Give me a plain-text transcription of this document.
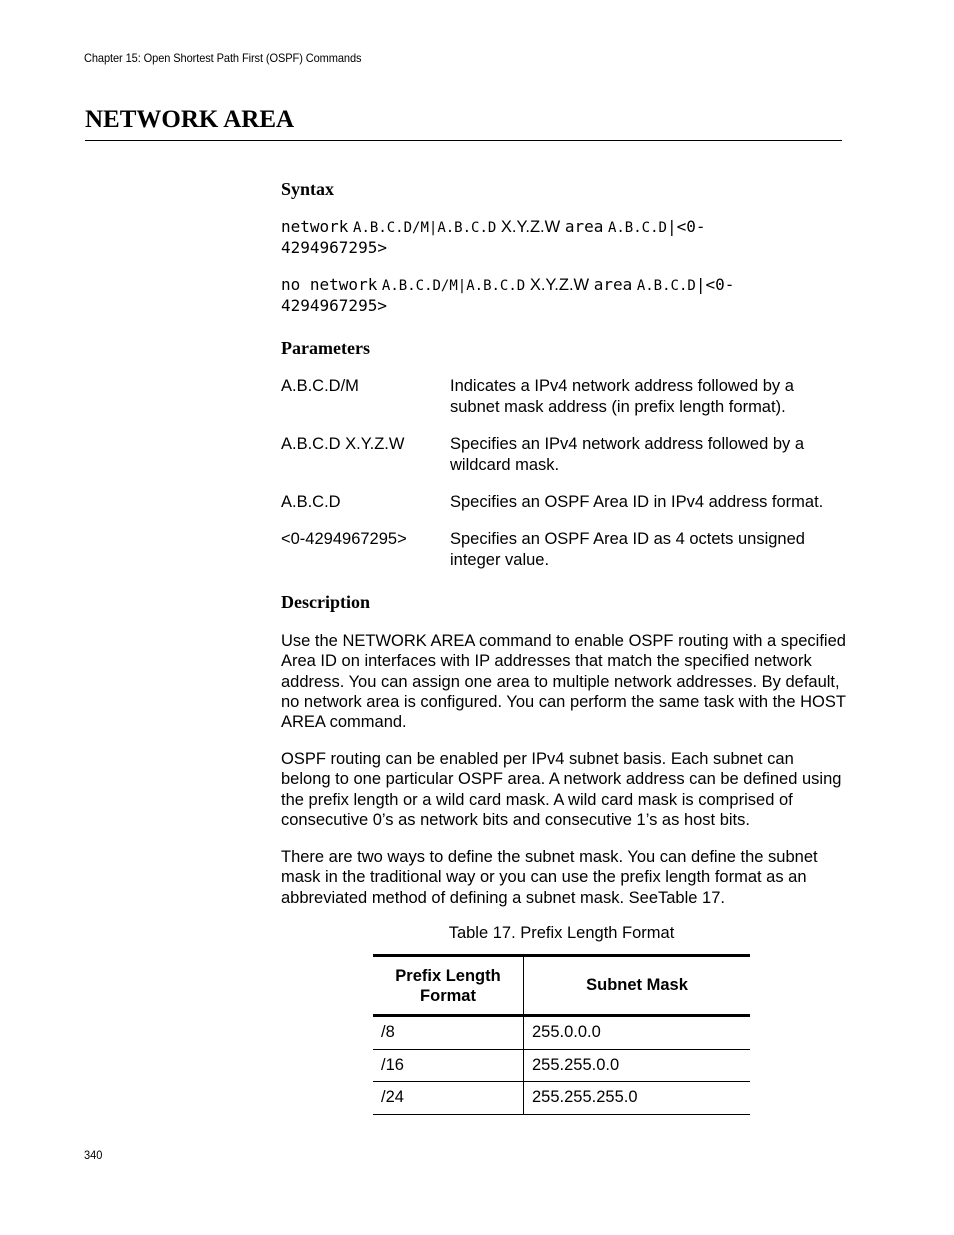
Chapter 15: Open Shortest Path First (OSPF) Commands
NETWORK AREA
Syntax
network A.B.C.D/M|A.B.C.D X.Y.Z.W area A.B.C.D|<0-
4294967295>
no network A.B.C.D/M|A.B.C.D X.Y.Z.W area A.B.C.D|<0-
4294967295>
Parameters
A.B.C.D/M	Indicates a IPv4 network address followed by a subnet mask address (in prefix length format).
A.B.C.D X.Y.Z.W	Specifies an IPv4 network address followed by a wildcard mask.
A.B.C.D	Specifies an OSPF Area ID in IPv4 address format.
<0-4294967295>	Specifies an OSPF Area ID as 4 octets unsigned integer value.
Description

Use the NETWORK AREA command to enable OSPF routing with a specified Area ID on interfaces with IP addresses that match the specified network address. You can assign one area to multiple network addresses. By default, no network area is configured. You can perform the same task with the HOST AREA command.

OSPF routing can be enabled per IPv4 subnet basis. Each subnet can belong to one particular OSPF area. A network address can be defined using the prefix length or a wild card mask. A wild card mask is comprised of consecutive 0’s as network bits and consecutive 1’s as host bits.

There are two ways to define the subnet mask. You can define the subnet mask in the traditional way or you can use the prefix length format as an abbreviated method of defining a subnet mask. SeeTable 17.

Table 17. Prefix Length Format
Prefix Length Format	Subnet Mask
/8	255.0.0.0
/16	255.255.0.0
/24	255.255.255.0
340
